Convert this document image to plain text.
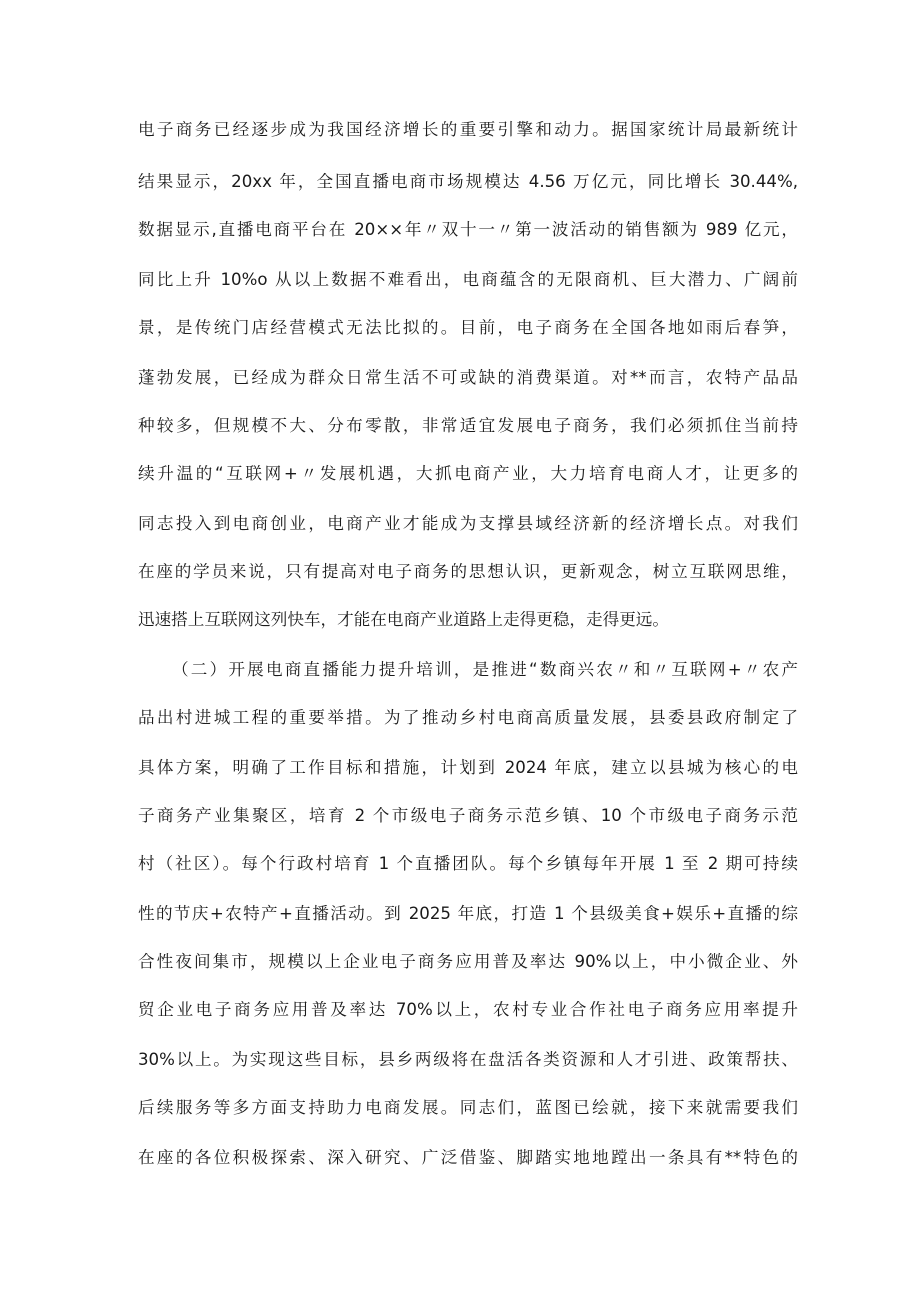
电子商务已经逐步成为我国经济增长的重要引擎和动力。据国家统计局最新统计
结果显示，20xx 年，全国直播电商市场规模达 4.56 万亿元，同比增长 30.44%,
数据显示,直播电商平台在 20××年〃双十一〃第一波活动的销售额为 989 亿元，
同比上升 10%o 从以上数据不难看出，电商蕴含的无限商机、巨大潜力、广阔前
景，是传统门店经营模式无法比拟的。目前，电子商务在全国各地如雨后春笋，
蓬勃发展，已经成为群众日常生活不可或缺的消费渠道。对**而言，农特产品品
种较多，但规模不大、分布零散，非常适宜发展电子商务，我们必须抓住当前持
续升温的“互联网+〃发展机遇，大抓电商产业，大力培育电商人才，让更多的
同志投入到电商创业，电商产业才能成为支撑县域经济新的经济增长点。对我们
在座的学员来说，只有提高对电子商务的思想认识，更新观念，树立互联网思维，
迅速搭上互联网这列快车，才能在电商产业道路上走得更稳，走得更远。
（二）开展电商直播能力提升培训，是推进“数商兴农〃和〃互联网+〃农产
品出村进城工程的重要举措。为了推动乡村电商高质量发展，县委县政府制定了
具体方案，明确了工作目标和措施，计划到 2024 年底，建立以县城为核心的电
子商务产业集聚区，培育 2 个市级电子商务示范乡镇、10 个市级电子商务示范
村（社区）。每个行政村培育 1 个直播团队。每个乡镇每年开展 1 至 2 期可持续
性的节庆+农特产+直播活动。到 2025 年底，打造 1 个县级美食+娱乐+直播的综
合性夜间集市，规模以上企业电子商务应用普及率达 90%以上，中小微企业、外
贸企业电子商务应用普及率达 70%以上，农村专业合作社电子商务应用率提升
30%以上。为实现这些目标，县乡两级将在盘活各类资源和人才引进、政策帮扶、
后续服务等多方面支持助力电商发展。同志们，蓝图已绘就，接下来就需要我们
在座的各位积极探索、深入研究、广泛借鉴、脚踏实地地蹚出一条具有**特色的
